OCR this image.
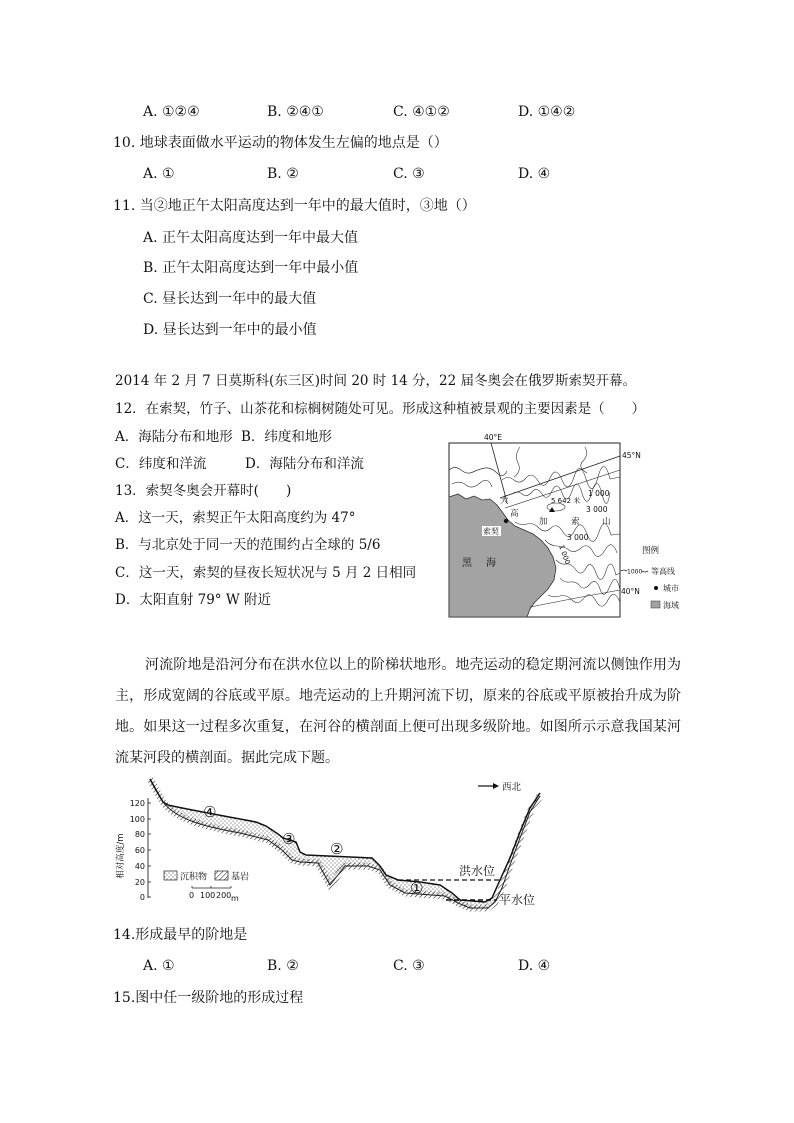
A. ①②④	B. ②④①	C. ④①②	D. ①④②
10. 地球表面做水平运动的物体发生左偏的地点是（）
A. ①	B. ②	C. ③	D. ④
11. 当②地正午太阳高度达到一年中的最大值时，③地（）
A. 正午太阳高度达到一年中最大值
B. 正午太阳高度达到一年中最小值
C. 昼长达到一年中的最大值
D. 昼长达到一年中的最小值
2014 年 2 月 7 日莫斯科(东三区)时间 20 时 14 分，22 届冬奥会在俄罗斯索契开幕。
12．在索契，竹子、山茶花和棕榈树随处可见。形成这种植被景观的主要因素是（　　）
A．海陆分布和地形 B．纬度和地形
C．纬度和洋流	D．海陆分布和洋流
13．索契冬奥会开幕时(　　)
A．这一天，索契正午太阳高度约为 47°
B．与北京处于同一天的范围约占全球的 5/6
C．这一天，索契的昼夜长短状况与 5 月 2 日相同
D．太阳直射 79° W 附近
40°E
45°N
40°N
1 000
3 000
3 000
1 000
5 642 米
大
高
加	索	山
索契
黑 海
图例
1000 等高线
城市
海域
河流阶地是沿河分布在洪水位以上的阶梯状地形。地壳运动的稳定期河流以侧蚀作用为
主，形成宽阔的谷底或平原。地壳运动的上升期河流下切，原来的谷底或平原被抬升成为阶
地。如果这一过程多次重复，在河谷的横剖面上便可出现多级阶地。如图所示示意我国某河
流某河段的横剖面。据此完成下题。
120
100
80
60
40
20
0
相对高度/m	洪水位
平水位
④
③
②
①
西北
沉积物	基岩
0 100 200 m
14.形成最早的阶地是
A. ①	B. ②	C. ③	D. ④
15.图中任一级阶地的形成过程
